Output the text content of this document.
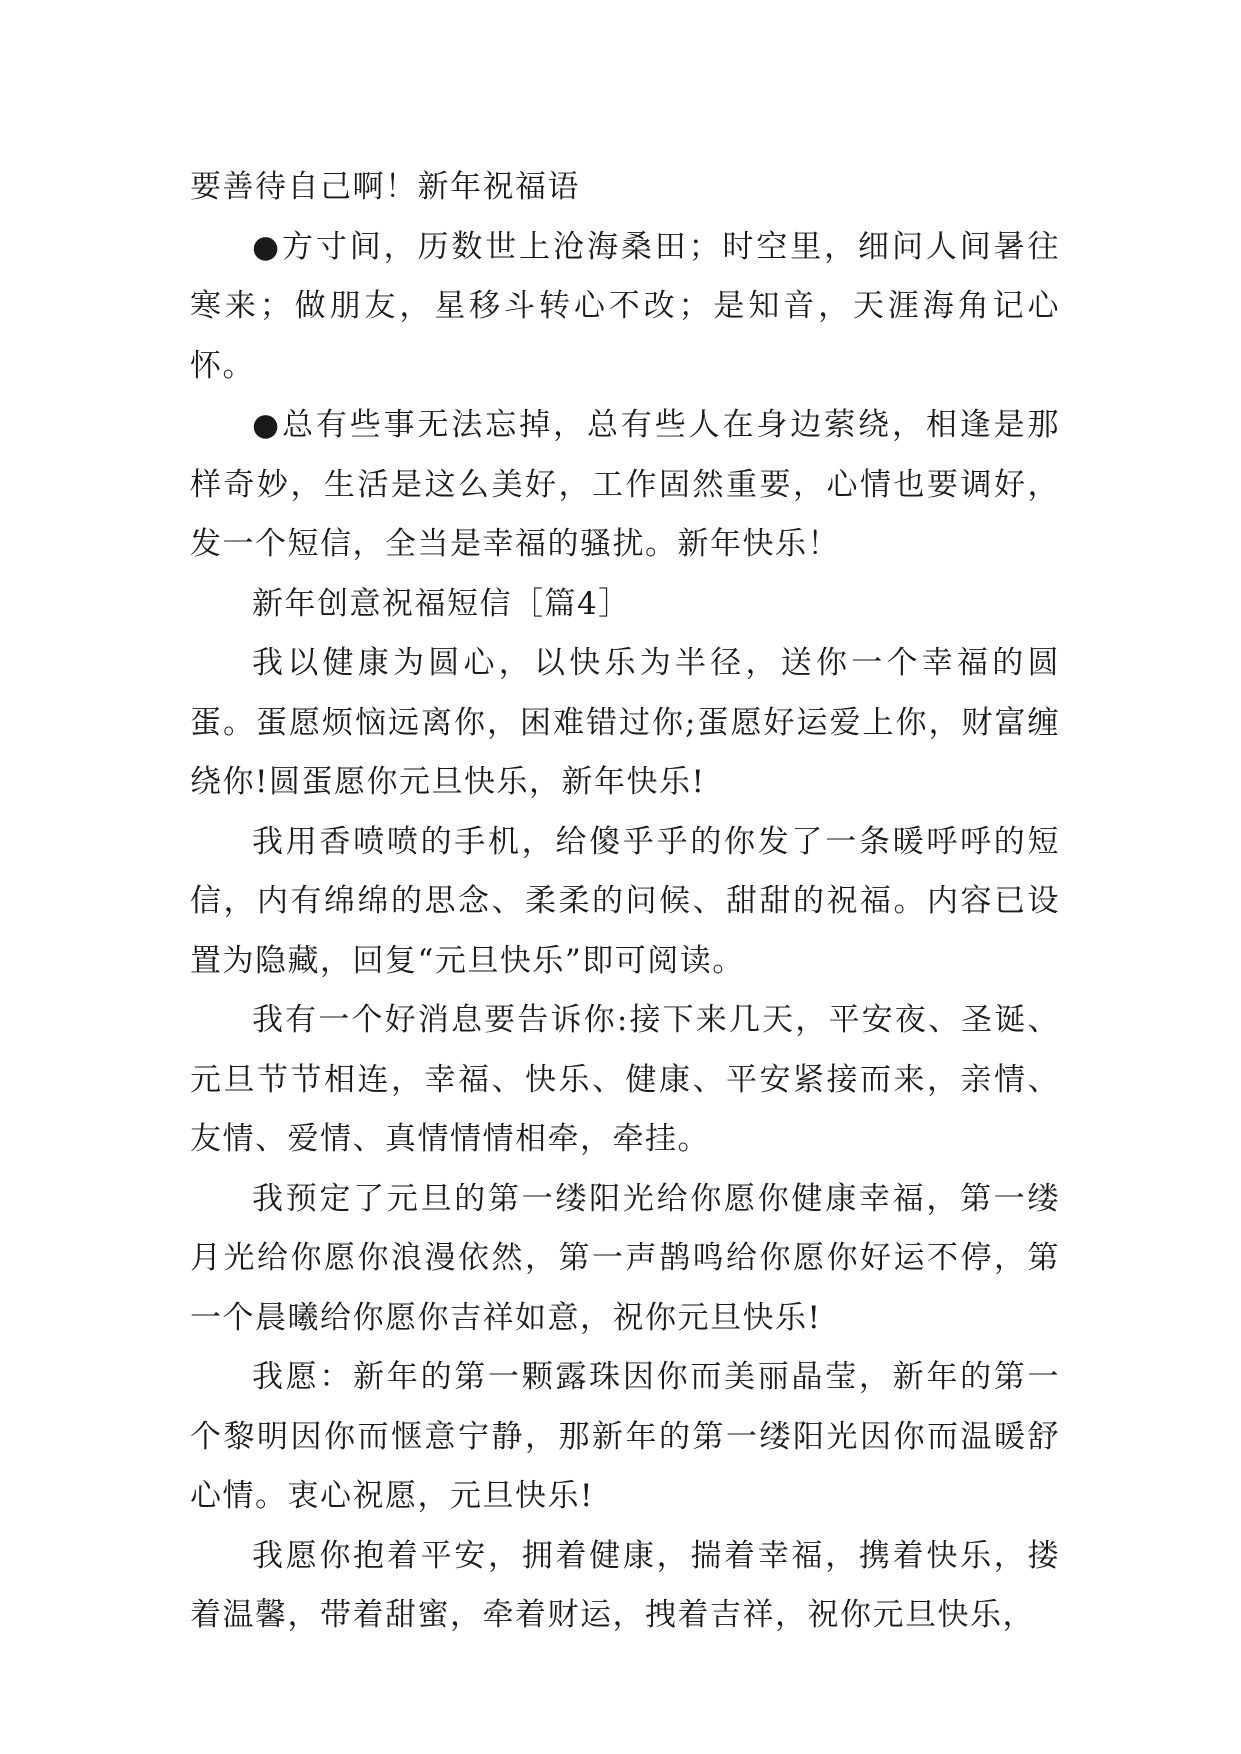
要善待自己啊！新年祝福语

●方寸间，历数世上沧海桑田；时空里，细问人间暑往寒来；做朋友，星移斗转心不改；是知音，天涯海角记心怀。

●总有些事无法忘掉，总有些人在身边萦绕，相逢是那样奇妙，生活是这么美好，工作固然重要，心情也要调好，发一个短信，全当是幸福的骚扰。新年快乐！

新年创意祝福短信［篇4］

我以健康为圆心，以快乐为半径，送你一个幸福的圆蛋。蛋愿烦恼远离你，困难错过你;蛋愿好运爱上你，财富缠绕你!圆蛋愿你元旦快乐，新年快乐!

我用香喷喷的手机，给傻乎乎的你发了一条暖呼呼的短信，内有绵绵的思念、柔柔的问候、甜甜的祝福。内容已设置为隐藏，回复“元旦快乐”即可阅读。

我有一个好消息要告诉你:接下来几天，平安夜、圣诞、元旦节节相连，幸福、快乐、健康、平安紧接而来，亲情、友情、爱情、真情情情相牵，牵挂。

我预定了元旦的第一缕阳光给你愿你健康幸福，第一缕月光给你愿你浪漫依然，第一声鹊鸣给你愿你好运不停，第一个晨曦给你愿你吉祥如意，祝你元旦快乐!

我愿：新年的第一颗露珠因你而美丽晶莹，新年的第一个黎明因你而惬意宁静，那新年的第一缕阳光因你而温暖舒心情。衷心祝愿，元旦快乐!

我愿你抱着平安，拥着健康，揣着幸福，携着快乐，搂着温馨，带着甜蜜，牵着财运，拽着吉祥，祝你元旦快乐，
